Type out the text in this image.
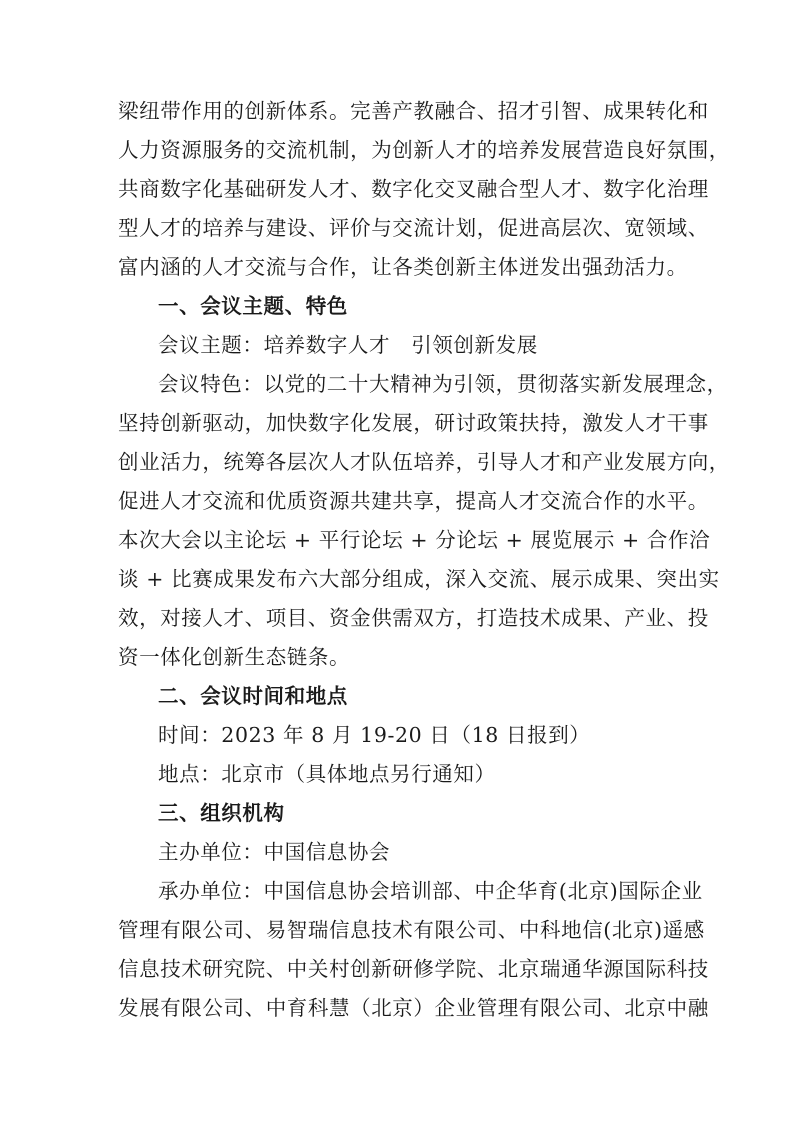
梁纽带作用的创新体系。完善产教融合、招才引智、成果转化和

人力资源服务的交流机制，为创新人才的培养发展营造良好氛围，

共商数字化基础研发人才、数字化交叉融合型人才、数字化治理

型人才的培养与建设、评价与交流计划，促进高层次、宽领域、

富内涵的人才交流与合作，让各类创新主体迸发出强劲活力。

一、会议主题、特色

会议主题：培养数字人才　引领创新发展

会议特色：以党的二十大精神为引领，贯彻落实新发展理念，

坚持创新驱动，加快数字化发展，研讨政策扶持，激发人才干事

创业活力，统筹各层次人才队伍培养，引导人才和产业发展方向，

促进人才交流和优质资源共建共享，提高人才交流合作的水平。

本次大会以主论坛 + 平行论坛 + 分论坛 + 展览展示 + 合作洽

谈 + 比赛成果发布六大部分组成，深入交流、展示成果、突出实

效，对接人才、项目、资金供需双方，打造技术成果、产业、投

资一体化创新生态链条。

二、会议时间和地点

时间：2023 年 8 月 19-20 日（18 日报到）

地点：北京市（具体地点另行通知）

三、组织机构

主办单位：中国信息协会

承办单位：中国信息协会培训部、中企华育(北京)国际企业

管理有限公司、易智瑞信息技术有限公司、中科地信(北京)遥感

信息技术研究院、中关村创新研修学院、北京瑞通华源国际科技

发展有限公司、中育科慧（北京）企业管理有限公司、北京中融
